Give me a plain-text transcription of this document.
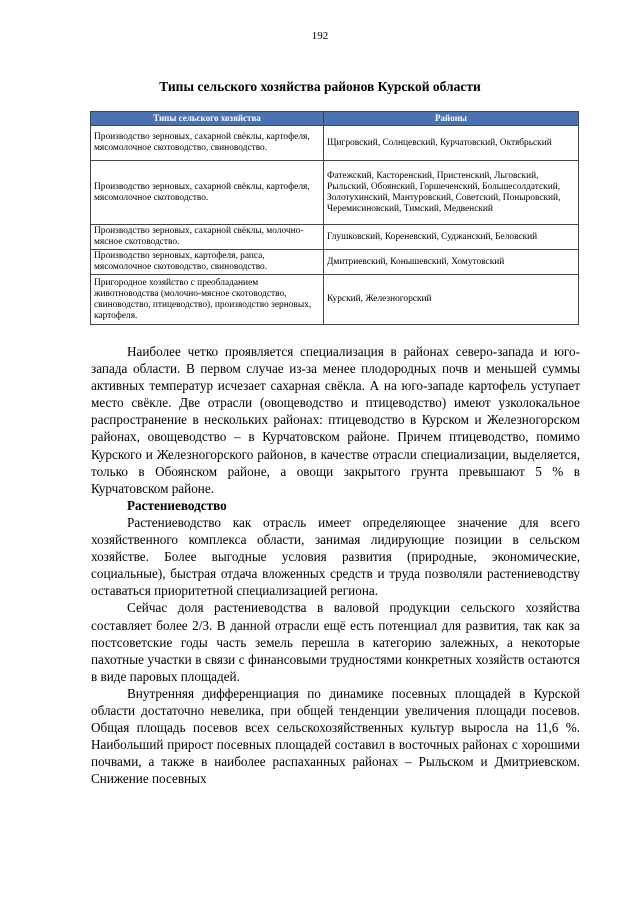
192
Типы сельского хозяйства районов Курской области
Типы сельского хозяйства	Районы
Производство зерновых, сахарной свёклы, картофеля, мясомолочное скотоводство, свиноводство.	Щигровский, Солнцевский, Курчатовский, Октябрьский
Производство зерновых, сахарной свёклы, картофеля, мясомолочное скотоводство.	Фатежский, Касторенский, Пристенский, Льговский, Рыльский, Обоянский, Горшеченский, Большесолдатский, Золотухинский, Мантуровский, Советский, Поныровский, Черемисиновский, Тимский, Медвенский
Производство зерновых, сахарной свёклы, молочно-мясное скотоводство.	Глушковский, Кореневский, Суджанский, Беловский
Производство зерновых, картофеля, рапса, мясомолочное скотоводство, свиноводство.	Дмитриевский, Конышевский, Хомутовский
Пригородное хозяйство с преобладанием животноводства (молочно-мясное скотоводство, свиноводство, птицеводство), производство зерновых, картофеля.	Курский, Железногорский

Наиболее четко проявляется специализация в районах северо-запада и юго-запада области. В первом случае из-за менее плодородных почв и меньшей суммы активных температур исчезает сахарная свёкла. А на юго-западе картофель уступает место свёкле. Две отрасли (овощеводство и птицеводство) имеют узколокальное распространение в нескольких районах: птицеводство в Курском и Железногорском районах, овощеводство – в Курчатовском районе. Причем птицеводство, помимо Курского и Железногорского районов, в качестве отрасли специализации, выделяется, только в Обоянском районе, а овощи закрытого грунта превышают 5 % в Курчатовском районе.

Растениеводство

Растениеводство как отрасль имеет определяющее значение для всего хозяйственного комплекса области, занимая лидирующие позиции в сельском хозяйстве. Более выгодные условия развития (природные, экономические, социальные), быстрая отдача вложенных средств и труда позволяли растениеводству оставаться приоритетной специализацией региона.

Сейчас доля растениеводства в валовой продукции сельского хозяйства составляет более 2/3. В данной отрасли ещё есть потенциал для развития, так как за постсоветские годы часть земель перешла в категорию залежных, а некоторые пахотные участки в связи с финансовыми трудностями конкретных хозяйств остаются в виде паровых площадей.

Внутренняя дифференциация по динамике посевных площадей в Курской области достаточно невелика, при общей тенденции увеличения площади посевов. Общая площадь посевов всех сельскохозяйственных культур выросла на 11,6 %. Наибольший прирост посевных площадей составил в восточных районах с хорошими почвами, а также в наиболее распаханных районах – Рыльском и Дмитриевском. Снижение посевных
